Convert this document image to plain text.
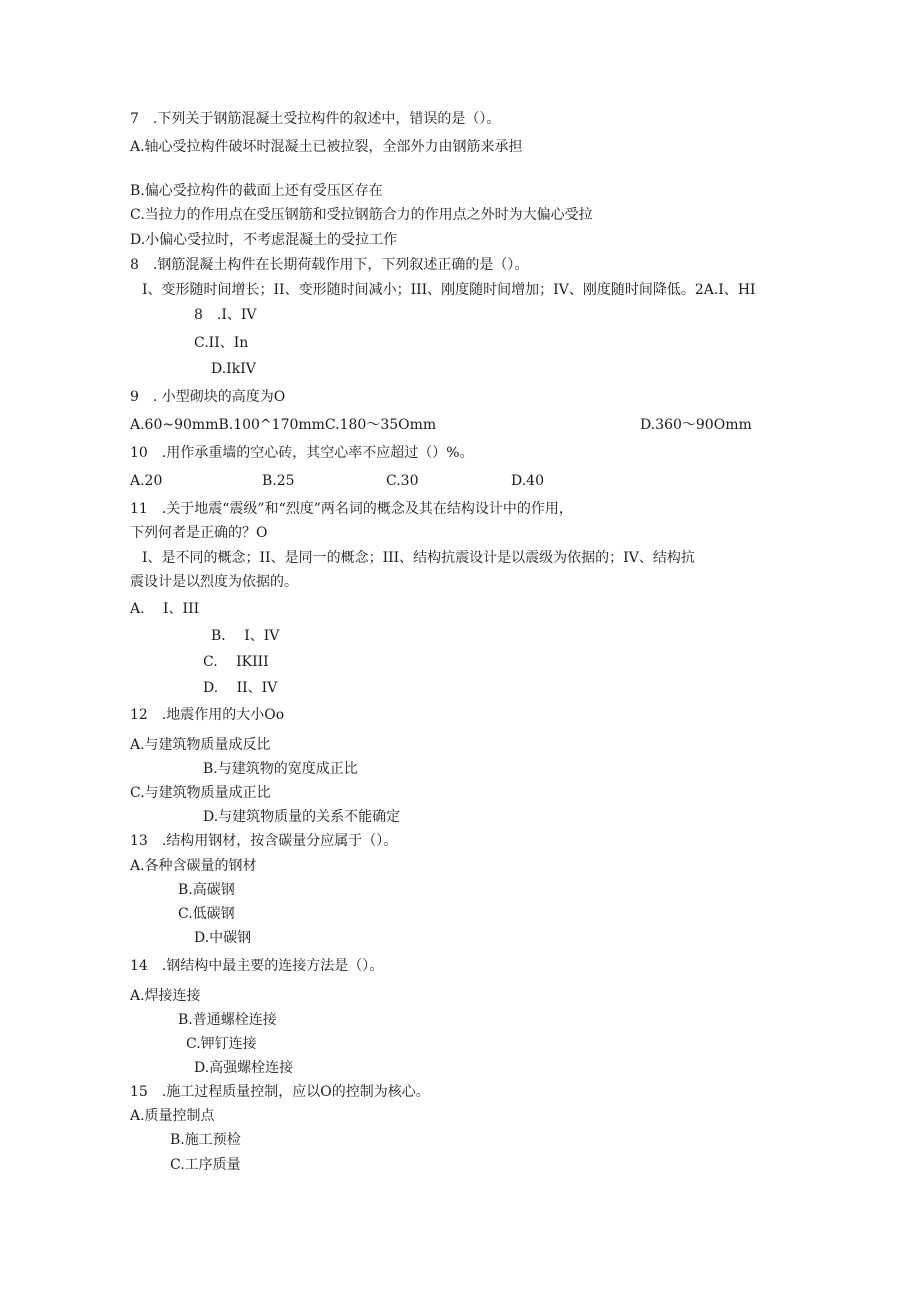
7　.下列关于钢筋混凝土受拉构件的叙述中，错误的是（）。
A.轴心受拉构件破坏时混凝土已被拉裂，全部外力由钢筋来承担
B.偏心受拉构件的截面上还有受压区存在
C.当拉力的作用点在受压钢筋和受拉钢筋合力的作用点之外时为大偏心受拉
D.小偏心受拉时，不考虑混凝土的受拉工作
8　.钢筋混凝土构件在长期荷载作用下，下列叙述正确的是（）。
I、变形随时间增长；II、变形随时间减小；III、刚度随时间增加；IV、刚度随时间降低。2A.I、HI
8　.I、IV
C.II、In
D.IkIV
9　. 小型砌块的高度为O
A.60~90mmB.100^170mmC.180～35Omm	D.360～90Omm
10　.用作承重墙的空心砖，其空心率不应超过（）%。
A.20	B.25	C.30	D.40
11　.关于地震“震级”和“烈度”两名词的概念及其在结构设计中的作用，
下列何者是正确的？O
I、是不同的概念；II、是同一的概念；III、结构抗震设计是以震级为依据的；IV、结构抗
震设计是以烈度为依据的。
A.　 I、III
B.　 I、IV
C.　 IKIII
D.　 II、IV
12　.地震作用的大小Oo
A.与建筑物质量成反比
B.与建筑物的宽度成正比
C.与建筑物质量成正比
D.与建筑物质量的关系不能确定
13　.结构用钢材，按含碳量分应属于（）。
A.各种含碳量的钢材
B.高碳钢
C.低碳钢
D.中碳钢
14　.钢结构中最主要的连接方法是（）。
A.焊接连接
B.普通螺栓连接
C.钾钉连接
D.高强螺栓连接
15　.施工过程质量控制，应以O的控制为核心。
A.质量控制点
B.施工预检
C.工序质量
